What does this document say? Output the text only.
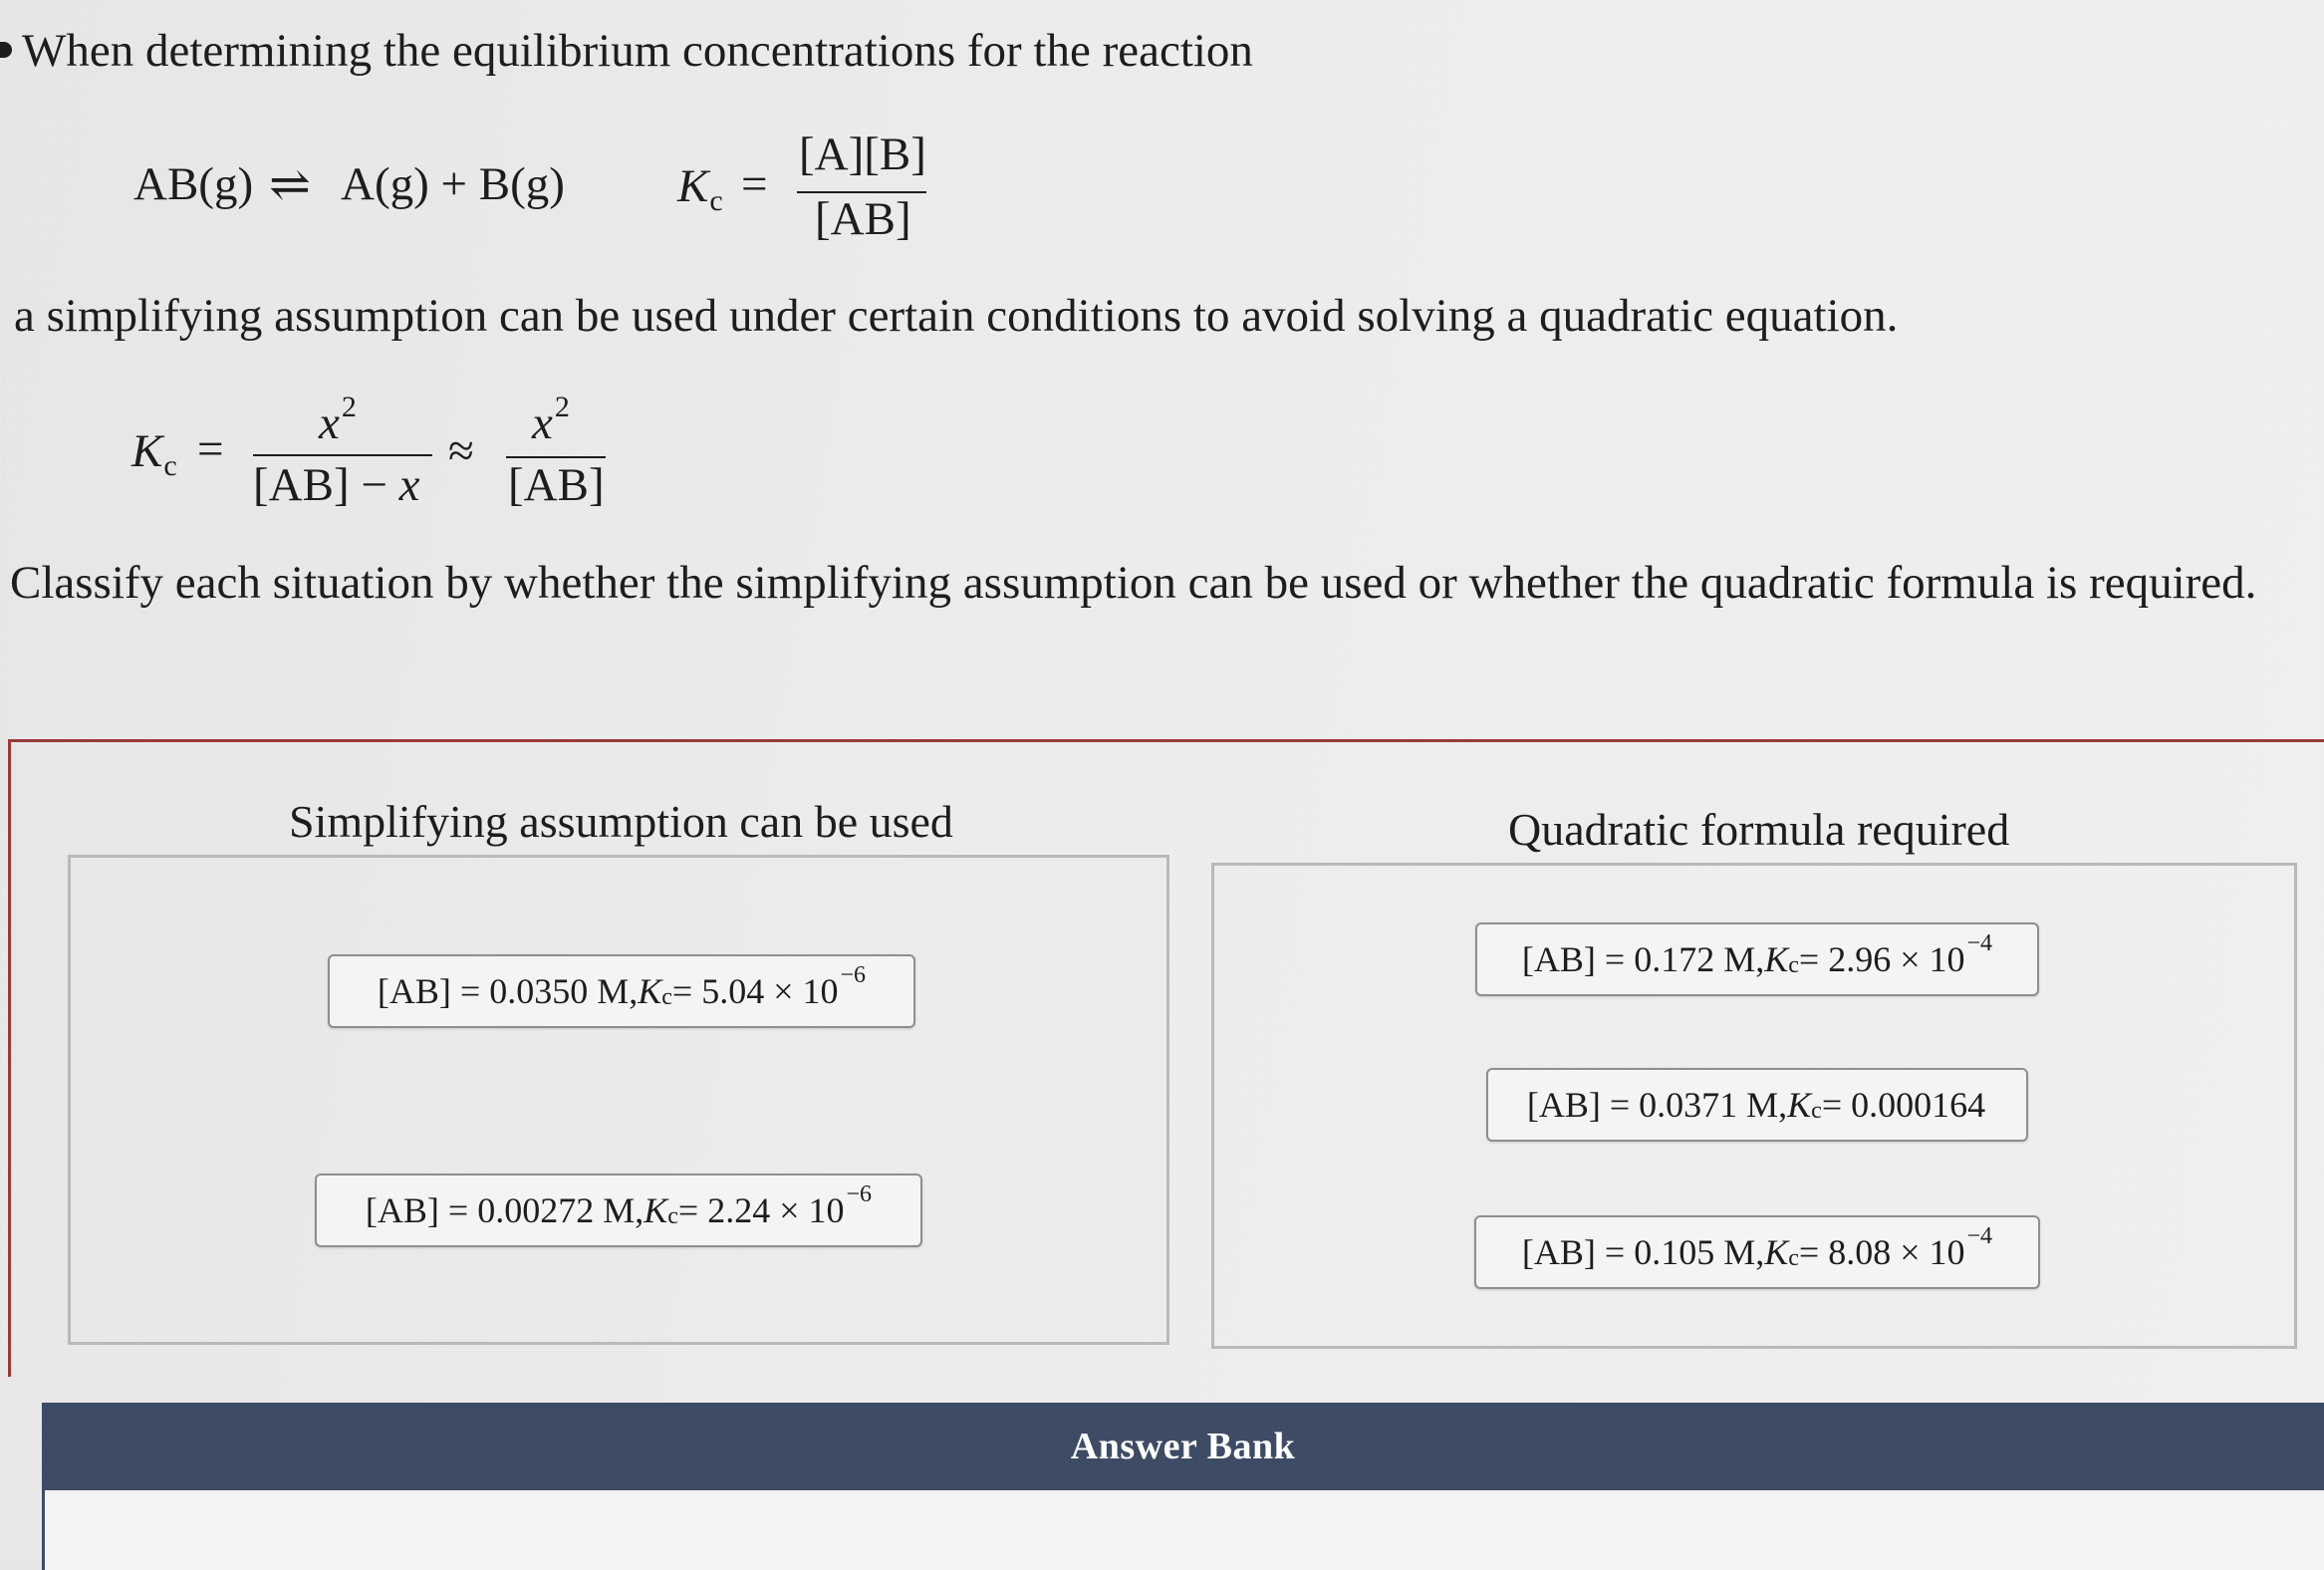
When determining the equilibrium concentrations for the reaction
AB(g) ⇌ A(g) + B(g) Kc =
[A][B]
[AB]
a simplifying assumption can be used under certain conditions to avoid solving a quadratic equation.
$Kc = x^2$
[AB] − x
≈
$x^2$
[AB]
Classify each situation by whether the simplifying assumption can be used or whether the quadratic formula is required.
Simplifying assumption can be used	Quadratic formula required
[AB] = 0.0350 M, K c = 5.04 × 10 −6
[AB] = 0.00272 M, K c = 2.24 × 10 −6
[AB] = 0.172 M, K c = 2.96 × 10 −4
[AB] = 0.0371 M, K c = 0.000164
[AB] = 0.105 M, K c = 8.08 × 10 −4
Answer Bank
